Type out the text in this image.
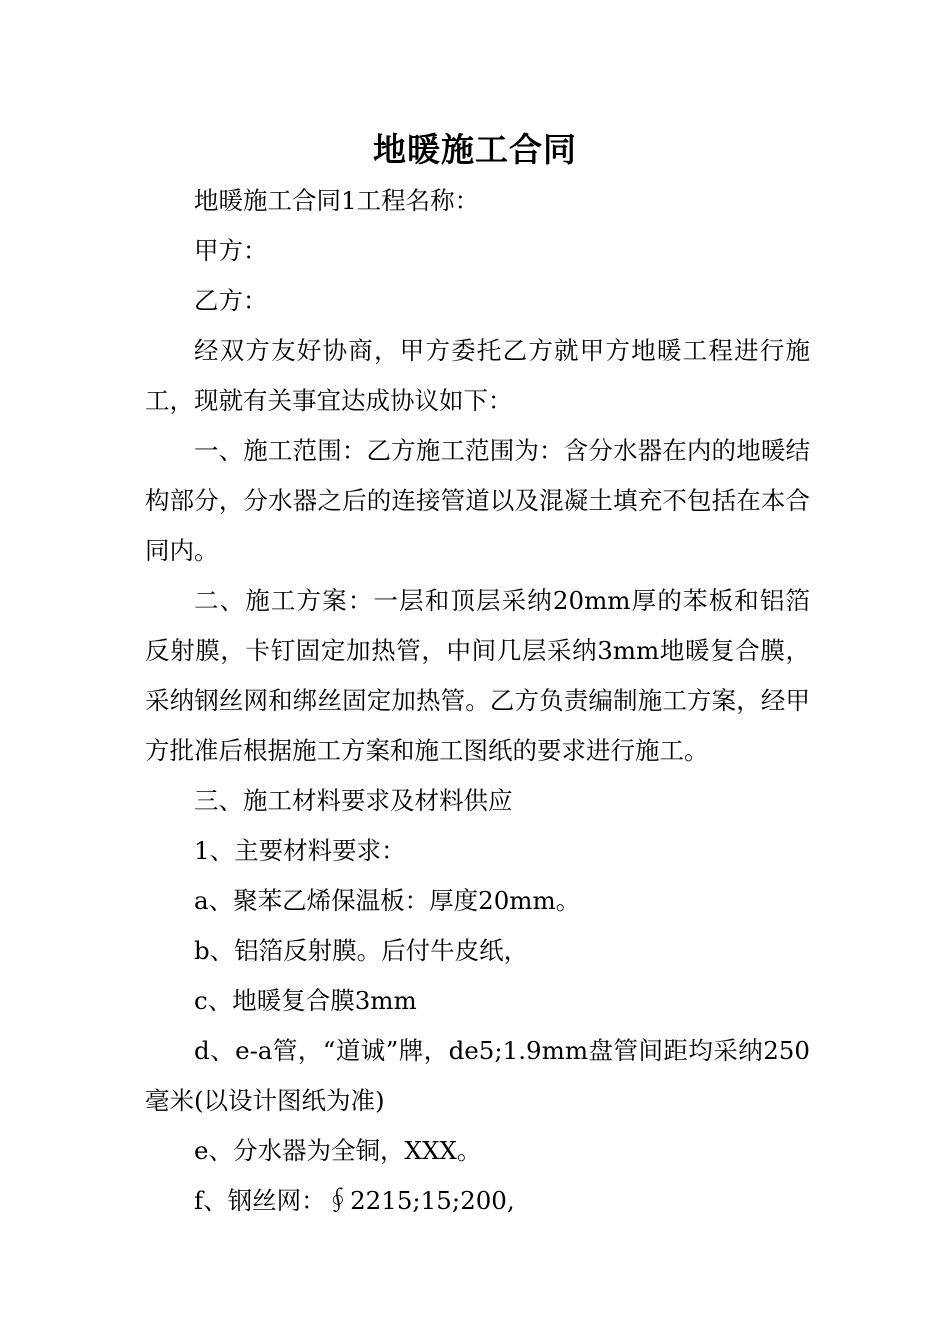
地暖施工合同

地暖施工合同1工程名称：

甲方：

乙方：

经双方友好协商，甲方委托乙方就甲方地暖工程进行施工，现就有关事宜达成协议如下：

一、施工范围：乙方施工范围为：含分水器在内的地暖结构部分，分水器之后的连接管道以及混凝土填充不包括在本合同内。

二、施工方案：一层和顶层采纳20mm厚的苯板和铝箔反射膜，卡钉固定加热管，中间几层采纳3mm地暖复合膜，采纳钢丝网和绑丝固定加热管。乙方负责编制施工方案，经甲方批准后根据施工方案和施工图纸的要求进行施工。

三、施工材料要求及材料供应

1、主要材料要求：

a、聚苯乙烯保温板：厚度20mm。

b、铝箔反射膜。后付牛皮纸，

c、地暖复合膜3mm

d、e-a管，“道诚”牌，de5;1.9mm盘管间距均采纳250毫米(以设计图纸为准)

e、分水器为全铜，XXX。

f、钢丝网：∮2215;15;200,
